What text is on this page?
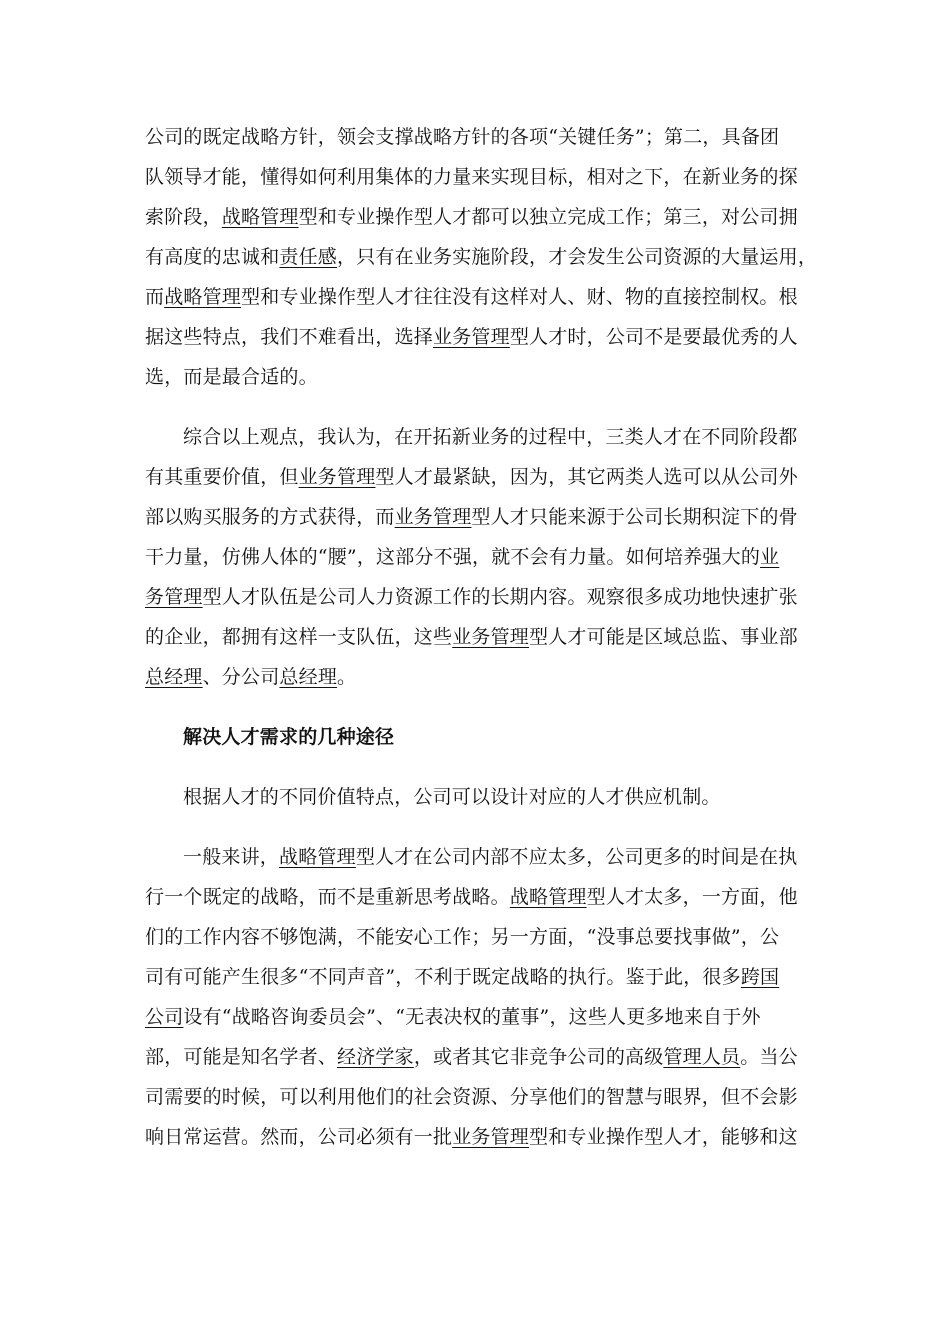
公司的既定战略方针，领会支撑战略方针的各项“关键任务”；第二，具备团
队领导才能，懂得如何利用集体的力量来实现目标，相对之下，在新业务的探
索阶段，战略管理型和专业操作型人才都可以独立完成工作；第三，对公司拥
有高度的忠诚和责任感，只有在业务实施阶段，才会发生公司资源的大量运用，
而战略管理型和专业操作型人才往往没有这样对人、财、物的直接控制权。根
据这些特点，我们不难看出，选择业务管理型人才时，公司不是要最优秀的人
选，而是最合适的。
综合以上观点，我认为，在开拓新业务的过程中，三类人才在不同阶段都
有其重要价值，但业务管理型人才最紧缺，因为，其它两类人选可以从公司外
部以购买服务的方式获得，而业务管理型人才只能来源于公司长期积淀下的骨
干力量，仿佛人体的“腰”，这部分不强，就不会有力量。如何培养强大的业
务管理型人才队伍是公司人力资源工作的长期内容。观察很多成功地快速扩张
的企业，都拥有这样一支队伍，这些业务管理型人才可能是区域总监、事业部
总经理、分公司总经理。
解决人才需求的几种途径
根据人才的不同价值特点，公司可以设计对应的人才供应机制。
一般来讲，战略管理型人才在公司内部不应太多，公司更多的时间是在执
行一个既定的战略，而不是重新思考战略。战略管理型人才太多，一方面，他
们的工作内容不够饱满，不能安心工作；另一方面，“没事总要找事做”，公
司有可能产生很多“不同声音”，不利于既定战略的执行。鉴于此，很多跨国
公司设有“战略咨询委员会”、“无表决权的董事”，这些人更多地来自于外
部，可能是知名学者、经济学家，或者其它非竞争公司的高级管理人员。当公
司需要的时候，可以利用他们的社会资源、分享他们的智慧与眼界，但不会影
响日常运营。然而，公司必须有一批业务管理型和专业操作型人才，能够和这
